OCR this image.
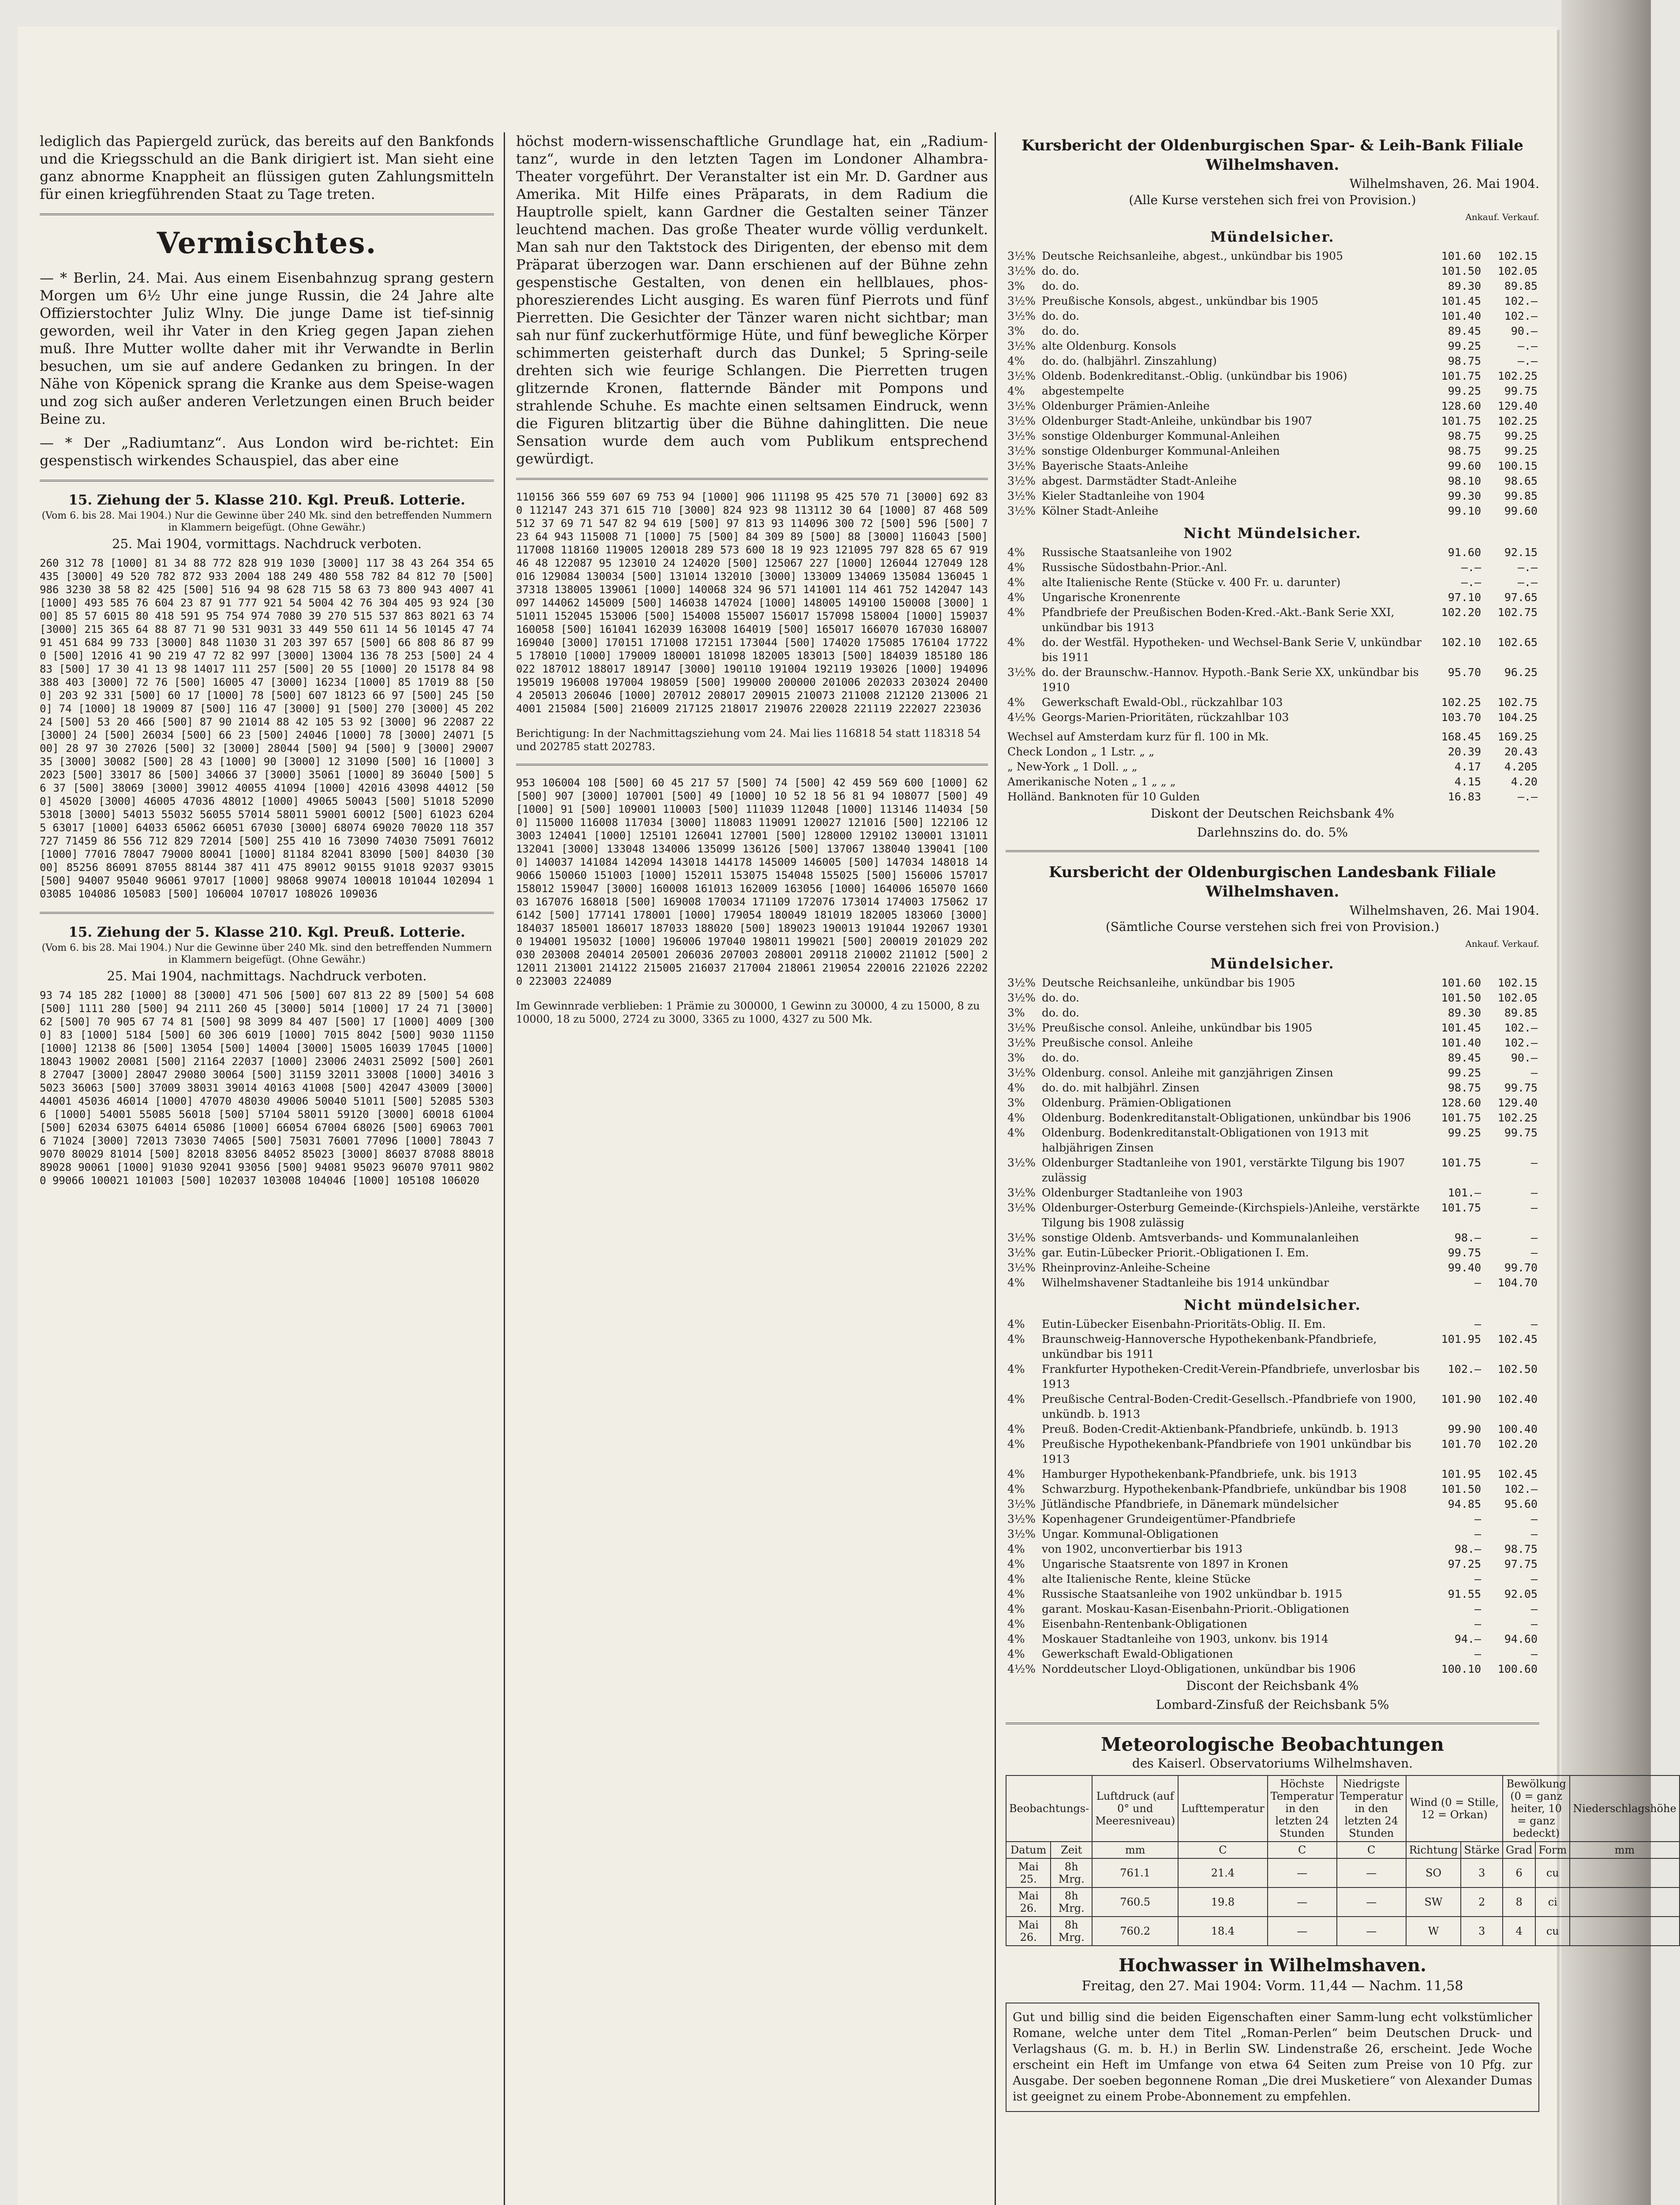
lediglich das Papiergeld zurück, das bereits auf den Bankfonds und die Kriegsschuld an die Bank dirigiert ist. Man sieht eine ganz abnorme Knappheit an flüssigen guten Zahlungsmitteln für einen kriegführenden Staat zu Tage treten.

Vermischtes.

— * Berlin, 24. Mai. Aus einem Eisenbahnzug sprang gestern Morgen um 6½ Uhr eine junge Russin, die 24 Jahre alte Offizierstochter Juliz Wlny. Die junge Dame ist tief-sinnig geworden, weil ihr Vater in den Krieg gegen Japan ziehen muß. Ihre Mutter wollte daher mit ihr Verwandte in Berlin besuchen, um sie auf andere Gedanken zu bringen. In der Nähe von Köpenick sprang die Kranke aus dem Speise-wagen und zog sich außer anderen Verletzungen einen Bruch beider Beine zu.

— * Der „Radiumtanz“. Aus London wird be-richtet: Ein gespenstisch wirkendes Schauspiel, das aber eine

15. Ziehung der 5. Klasse 210. Kgl. Preuß. Lotterie.

(Vom 6. bis 28. Mai 1904.) Nur die Gewinne über 240 Mk. sind den betreffenden Nummern in Klammern beigefügt. (Ohne Gewähr.)

25. Mai 1904, vormittags. Nachdruck verboten.

260 312 78 [1000] 81 34 88 772 828 919 1030 [3000] 117 38 43 264 354 65 435 [3000] 49 520 782 872 933 2004 188 249 480 558 782 84 812 70 [500] 986 3230 38 58 82 425 [500] 516 94 98 628 715 58 63 73 800 943 4007 41 [1000] 493 585 76 604 23 87 91 777 921 54 5004 42 76 304 405 93 924 [3000] 85 57 6015 80 418 591 95 754 974 7080 39 270 515 537 863 8021 63 74 [3000] 215 365 64 88 87 71 90 531 9031 33 449 550 611 14 56 10145 47 74 91 451 684 99 733 [3000] 848 11030 31 203 397 657 [500] 66 808 86 87 990 [500] 12016 41 90 219 47 72 82 997 [3000] 13004 136 78 253 [500] 24 483 [500] 17 30 41 13 98 14017 111 257 [500] 20 55 [1000] 20 15178 84 98 388 403 [3000] 72 76 [500] 16005 47 [3000] 16234 [1000] 85 17019 88 [500] 203 92 331 [500] 60 17 [1000] 78 [500] 607 18123 66 97 [500] 245 [500] 74 [1000] 18 19009 87 [500] 116 47 [3000] 91 [500] 270 [3000] 45 20224 [500] 53 20 466 [500] 87 90 21014 88 42 105 53 92 [3000] 96 22087 22 [3000] 24 [500] 26034 [500] 66 23 [500] 24046 [1000] 78 [3000] 24071 [500] 28 97 30 27026 [500] 32 [3000] 28044 [500] 94 [500] 9 [3000] 29007 35 [3000] 30082 [500] 28 43 [1000] 90 [3000] 12 31090 [500] 16 [1000] 32023 [500] 33017 86 [500] 34066 37 [3000] 35061 [1000] 89 36040 [500] 56 37 [500] 38069 [3000] 39012 40055 41094 [1000] 42016 43098 44012 [500] 45020 [3000] 46005 47036 48012 [1000] 49065 50043 [500] 51018 52090 53018 [3000] 54013 55032 56055 57014 58011 59001 60012 [500] 61023 62045 63017 [1000] 64033 65062 66051 67030 [3000] 68074 69020 70020 118 357 727 71459 86 556 712 829 72014 [500] 255 410 16 73090 74030 75091 76012 [1000] 77016 78047 79000 80041 [1000] 81184 82041 83090 [500] 84030 [3000] 85256 86091 87055 88144 387 411 475 89012 90155 91018 92037 93015 [500] 94007 95040 96061 97017 [1000] 98068 99074 100018 101044 102094 103085 104086 105083 [500] 106004 107017 108026 109036

15. Ziehung der 5. Klasse 210. Kgl. Preuß. Lotterie.

(Vom 6. bis 28. Mai 1904.) Nur die Gewinne über 240 Mk. sind den betreffenden Nummern in Klammern beigefügt. (Ohne Gewähr.)

25. Mai 1904, nachmittags. Nachdruck verboten.

93 74 185 282 [1000] 88 [3000] 471 506 [500] 607 813 22 89 [500] 54 608 [500] 1111 280 [500] 94 2111 260 45 [3000] 5014 [1000] 17 24 71 [3000] 62 [500] 70 905 67 74 81 [500] 98 3099 84 407 [500] 17 [1000] 4009 [3000] 83 [1000] 5184 [500] 60 306 6019 [1000] 7015 8042 [500] 9030 11150 [1000] 12138 86 [500] 13054 [500] 14004 [3000] 15005 16039 17045 [1000] 18043 19002 20081 [500] 21164 22037 [1000] 23006 24031 25092 [500] 26018 27047 [3000] 28047 29080 30064 [500] 31159 32011 33008 [1000] 34016 35023 36063 [500] 37009 38031 39014 40163 41008 [500] 42047 43009 [3000] 44001 45036 46014 [1000] 47070 48030 49006 50040 51011 [500] 52085 53036 [1000] 54001 55085 56018 [500] 57104 58011 59120 [3000] 60018 61004 [500] 62034 63075 64014 65086 [1000] 66054 67004 68026 [500] 69063 70016 71024 [3000] 72013 73030 74065 [500] 75031 76001 77096 [1000] 78043 79070 80029 81014 [500] 82018 83056 84052 85023 [3000] 86037 87088 88018 89028 90061 [1000] 91030 92041 93056 [500] 94081 95023 96070 97011 98020 99066 100021 101003 [500] 102037 103008 104046 [1000] 105108 106020

höchst modern-wissenschaftliche Grundlage hat, ein „Radium-tanz“, wurde in den letzten Tagen im Londoner Alhambra-Theater vorgeführt. Der Veranstalter ist ein Mr. D. Gardner aus Amerika. Mit Hilfe eines Präparats, in dem Radium die Hauptrolle spielt, kann Gardner die Gestalten seiner Tänzer leuchtend machen. Das große Theater wurde völlig verdunkelt. Man sah nur den Taktstock des Dirigenten, der ebenso mit dem Präparat überzogen war. Dann erschienen auf der Bühne zehn gespenstische Gestalten, von denen ein hellblaues, phos-phoreszierendes Licht ausging. Es waren fünf Pierrots und fünf Pierretten. Die Gesichter der Tänzer waren nicht sichtbar; man sah nur fünf zuckerhutförmige Hüte, und fünf bewegliche Körper schimmerten geisterhaft durch das Dunkel; 5 Spring-seile drehten sich wie feurige Schlangen. Die Pierretten trugen glitzernde Kronen, flatternde Bänder mit Pompons und strahlende Schuhe. Es machte einen seltsamen Eindruck, wenn die Figuren blitzartig über die Bühne dahinglitten. Die neue Sensation wurde dem auch vom Publikum entsprechend gewürdigt.

110156 366 559 607 69 753 94 [1000] 906 111198 95 425 570 71 [3000] 692 830 112147 243 371 615 710 [3000] 824 923 98 113112 30 64 [1000] 87 468 509 512 37 69 71 547 82 94 619 [500] 97 813 93 114096 300 72 [500] 596 [500] 723 64 943 115008 71 [1000] 75 [500] 84 309 89 [500] 88 [3000] 116043 [500] 117008 118160 119005 120018 289 573 600 18 19 923 121095 797 828 65 67 919 46 48 122087 95 123010 24 124020 [500] 125067 227 [1000] 126044 127049 128016 129084 130034 [500] 131014 132010 [3000] 133009 134069 135084 136045 137318 138005 139061 [1000] 140068 324 96 571 141001 114 461 752 142047 143097 144062 145009 [500] 146038 147024 [1000] 148005 149100 150008 [3000] 151011 152045 153006 [500] 154008 155007 156017 157098 158004 [1000] 159037 160058 [500] 161041 162039 163008 164019 [500] 165017 166070 167030 168007 169040 [3000] 170151 171008 172151 173044 [500] 174020 175085 176104 177225 178010 [1000] 179009 180001 181098 182005 183013 [500] 184039 185180 186022 187012 188017 189147 [3000] 190110 191004 192119 193026 [1000] 194096 195019 196008 197004 198059 [500] 199000 200000 201006 202033 203024 204004 205013 206046 [1000] 207012 208017 209015 210073 211008 212120 213006 214001 215084 [500] 216009 217125 218017 219076 220028 221119 222027 223036

Berichtigung: In der Nachmittagsziehung vom 24. Mai lies 116818 54 statt 118318 54 und 202785 statt 202783.

953 106004 108 [500] 60 45 217 57 [500] 74 [500] 42 459 569 600 [1000] 62 [500] 907 [3000] 107001 [500] 49 [1000] 10 52 18 56 81 94 108077 [500] 49 [1000] 91 [500] 109001 110003 [500] 111039 112048 [1000] 113146 114034 [500] 115000 116008 117034 [3000] 118083 119091 120027 121016 [500] 122106 123003 124041 [1000] 125101 126041 127001 [500] 128000 129102 130001 131011 132041 [3000] 133048 134006 135099 136126 [500] 137067 138040 139041 [1000] 140037 141084 142094 143018 144178 145009 146005 [500] 147034 148018 149066 150060 151003 [1000] 152011 153075 154048 155025 [500] 156006 157017 158012 159047 [3000] 160008 161013 162009 163056 [1000] 164006 165070 166003 167076 168018 [500] 169008 170034 171109 172076 173014 174003 175062 176142 [500] 177141 178001 [1000] 179054 180049 181019 182005 183060 [3000] 184037 185001 186017 187033 188020 [500] 189023 190013 191044 192067 193010 194001 195032 [1000] 196006 197040 198011 199021 [500] 200019 201029 202030 203008 204014 205001 206036 207003 208001 209118 210002 211012 [500] 212011 213001 214122 215005 216037 217004 218061 219054 220016 221026 222020 223003 224089

Im Gewinnrade verblieben: 1 Prämie zu 300000, 1 Gewinn zu 30000, 4 zu 15000, 8 zu 10000, 18 zu 5000, 2724 zu 3000, 3365 zu 1000, 4327 zu 500 Mk.

Kursbericht der Oldenburgischen Spar- & Leih-Bank Filiale Wilhelmshaven.
Wilhelmshaven, 26. Mai 1904.
(Alle Kurse verstehen sich frei von Provision.)
Ankauf. Verkauf.
Mündelsicher.
3½%	Deutsche Reichsanleihe, abgest., unkündbar bis 1905	101.60	102.15
3½%	do. do.	101.50	102.05
3%	do. do.	89.30	89.85
3½%	Preußische Konsols, abgest., unkündbar bis 1905	101.45	102.—
3½%	do. do.	101.40	102.—
3%	do. do.	89.45	90.—
3½%	alte Oldenburg. Konsols	99.25	—.—
4%	do. do. (halbjährl. Zinszahlung)	98.75	—.—
3½%	Oldenb. Bodenkreditanst.-Oblig. (unkündbar bis 1906)	101.75	102.25
4%	abgestempelte	99.25	99.75
3½%	Oldenburger Prämien-Anleihe	128.60	129.40
3½%	Oldenburger Stadt-Anleihe, unkündbar bis 1907	101.75	102.25
3½%	sonstige Oldenburger Kommunal-Anleihen	98.75	99.25
3½%	sonstige Oldenburger Kommunal-Anleihen	98.75	99.25
3½%	Bayerische Staats-Anleihe	99.60	100.15
3½%	abgest. Darmstädter Stadt-Anleihe	98.10	98.65
3½%	Kieler Stadtanleihe von 1904	99.30	99.85
3½%	Kölner Stadt-Anleihe	99.10	99.60
Nicht Mündelsicher.
4%	Russische Staatsanleihe von 1902	91.60	92.15
4%	Russische Südostbahn-Prior.-Anl.	—.—	—.—
4%	alte Italienische Rente (Stücke v. 400 Fr. u. darunter)	—.—	—.—
4%	Ungarische Kronenrente	97.10	97.65
4%	Pfandbriefe der Preußischen Boden-Kred.-Akt.-Bank Serie XXI, unkündbar bis 1913	102.20	102.75
4%	do. der Westfäl. Hypotheken- und Wechsel-Bank Serie V, unkündbar bis 1911	102.10	102.65
3½%	do. der Braunschw.-Hannov. Hypoth.-Bank Serie XX, unkündbar bis 1910	95.70	96.25
4%	Gewerkschaft Ewald-Obl., rückzahlbar 103	102.25	102.75
4½%	Georgs-Marien-Prioritäten, rückzahlbar 103	103.70	104.25
Wechsel auf Amsterdam kurz für fl. 100 in Mk.	168.45	169.25
Check London „ 1 Lstr. „ „	20.39	20.43
„ New-York „ 1 Doll. „ „	4.17	4.205
Amerikanische Noten „ 1 „ „ „	4.15	4.20
Holländ. Banknoten für 10 Gulden	16.83	—.—
Diskont der Deutschen Reichsbank 4%
Darlehnszins do. do. 5%
Kursbericht der Oldenburgischen Landesbank Filiale Wilhelmshaven.
Wilhelmshaven, 26. Mai 1904.
(Sämtliche Course verstehen sich frei von Provision.)
Ankauf. Verkauf.
Mündelsicher.
3½%	Deutsche Reichsanleihe, unkündbar bis 1905	101.60	102.15
3½%	do. do.	101.50	102.05
3%	do. do.	89.30	89.85
3½%	Preußische consol. Anleihe, unkündbar bis 1905	101.45	102.—
3½%	Preußische consol. Anleihe	101.40	102.—
3%	do. do.	89.45	90.—
3½%	Oldenburg. consol. Anleihe mit ganzjährigen Zinsen	99.25	—
4%	do. do. mit halbjährl. Zinsen	98.75	99.75
3%	Oldenburg. Prämien-Obligationen	128.60	129.40
4%	Oldenburg. Bodenkreditanstalt-Obligationen, unkündbar bis 1906	101.75	102.25
4%	Oldenburg. Bodenkreditanstalt-Obligationen von 1913 mit halbjährigen Zinsen	99.25	99.75
3½%	Oldenburger Stadtanleihe von 1901, verstärkte Tilgung bis 1907 zulässig	101.75	—
3½%	Oldenburger Stadtanleihe von 1903	101.—	—
3½%	Oldenburger-Osterburg Gemeinde-(Kirchspiels-)Anleihe, verstärkte Tilgung bis 1908 zulässig	101.75	—
3½%	sonstige Oldenb. Amtsverbands- und Kommunalanleihen	98.—	—
3½%	gar. Eutin-Lübecker Priorit.-Obligationen I. Em.	99.75	—
3½%	Rheinprovinz-Anleihe-Scheine	99.40	99.70
4%	Wilhelmshavener Stadtanleihe bis 1914 unkündbar	—	104.70
Nicht mündelsicher.
4%	Eutin-Lübecker Eisenbahn-Prioritäts-Oblig. II. Em.	—	—
4%	Braunschweig-Hannoversche Hypothekenbank-Pfandbriefe, unkündbar bis 1911	101.95	102.45
4%	Frankfurter Hypotheken-Credit-Verein-Pfandbriefe, unverlosbar bis 1913	102.—	102.50
4%	Preußische Central-Boden-Credit-Gesellsch.-Pfandbriefe von 1900, unkündb. b. 1913	101.90	102.40
4%	Preuß. Boden-Credit-Aktienbank-Pfandbriefe, unkündb. b. 1913	99.90	100.40
4%	Preußische Hypothekenbank-Pfandbriefe von 1901 unkündbar bis 1913	101.70	102.20
4%	Hamburger Hypothekenbank-Pfandbriefe, unk. bis 1913	101.95	102.45
4%	Schwarzburg. Hypothekenbank-Pfandbriefe, unkündbar bis 1908	101.50	102.—
3½%	Jütländische Pfandbriefe, in Dänemark mündelsicher	94.85	95.60
3½%	Kopenhagener Grundeigentümer-Pfandbriefe	—	—
3½%	Ungar. Kommunal-Obligationen	—	—
4%	von 1902, unconvertierbar bis 1913	98.—	98.75
4%	Ungarische Staatsrente von 1897 in Kronen	97.25	97.75
4%	alte Italienische Rente, kleine Stücke	—	—
4%	Russische Staatsanleihe von 1902 unkündbar b. 1915	91.55	92.05
4%	garant. Moskau-Kasan-Eisenbahn-Priorit.-Obligationen	—	—
4%	Eisenbahn-Rentenbank-Obligationen	—	—
4%	Moskauer Stadtanleihe von 1903, unkonv. bis 1914	94.—	94.60
4%	Gewerkschaft Ewald-Obligationen	—	—
4½%	Norddeutscher Lloyd-Obligationen, unkündbar bis 1906	100.10	100.60
Discont der Reichsbank 4%
Lombard-Zinsfuß der Reichsbank 5%
Meteorologische Beobachtungen
des Kaiserl. Observatoriums Wilhelmshaven.
Beobachtungs-		Luftdruck (auf 0° und Meeresniveau)	Lufttemperatur	Höchste Temperatur in den letzten 24 Stunden	Niedrigste Temperatur in den letzten 24 Stunden	Wind (0 = Stille, 12 = Orkan)		Bewölkung (0 = ganz heiter, 10 = ganz bedeckt)		Niederschlagshöhe
Datum	Zeit	mm	C	C	C	Richtung	Stärke	Grad	Form	mm
Mai 25.	8h Mrg.	761.1	21.4	—	—	SO	3	6	cu	
Mai 26.	8h Mrg.	760.5	19.8	—	—	SW	2	8	ci	
Mai 26.	8h Mrg.	760.2	18.4	—	—	W	3	4	cu	
Hochwasser in Wilhelmshaven.
Freitag, den 27. Mai 1904: Vorm. 11,44 — Nachm. 11,58
Gut und billig sind die beiden Eigenschaften einer Samm-lung echt volkstümlicher Romane, welche unter dem Titel „Roman-Perlen“ beim Deutschen Druck- und Verlagshaus (G. m. b. H.) in Berlin SW. Lindenstraße 26, erscheint. Jede Woche erscheint ein Heft im Umfange von etwa 64 Seiten zum Preise von 10 Pfg. zur Ausgabe. Der soeben begonnene Roman „Die drei Musketiere“ von Alexander Dumas ist geeignet zu einem Probe-Abonnement zu empfehlen.
